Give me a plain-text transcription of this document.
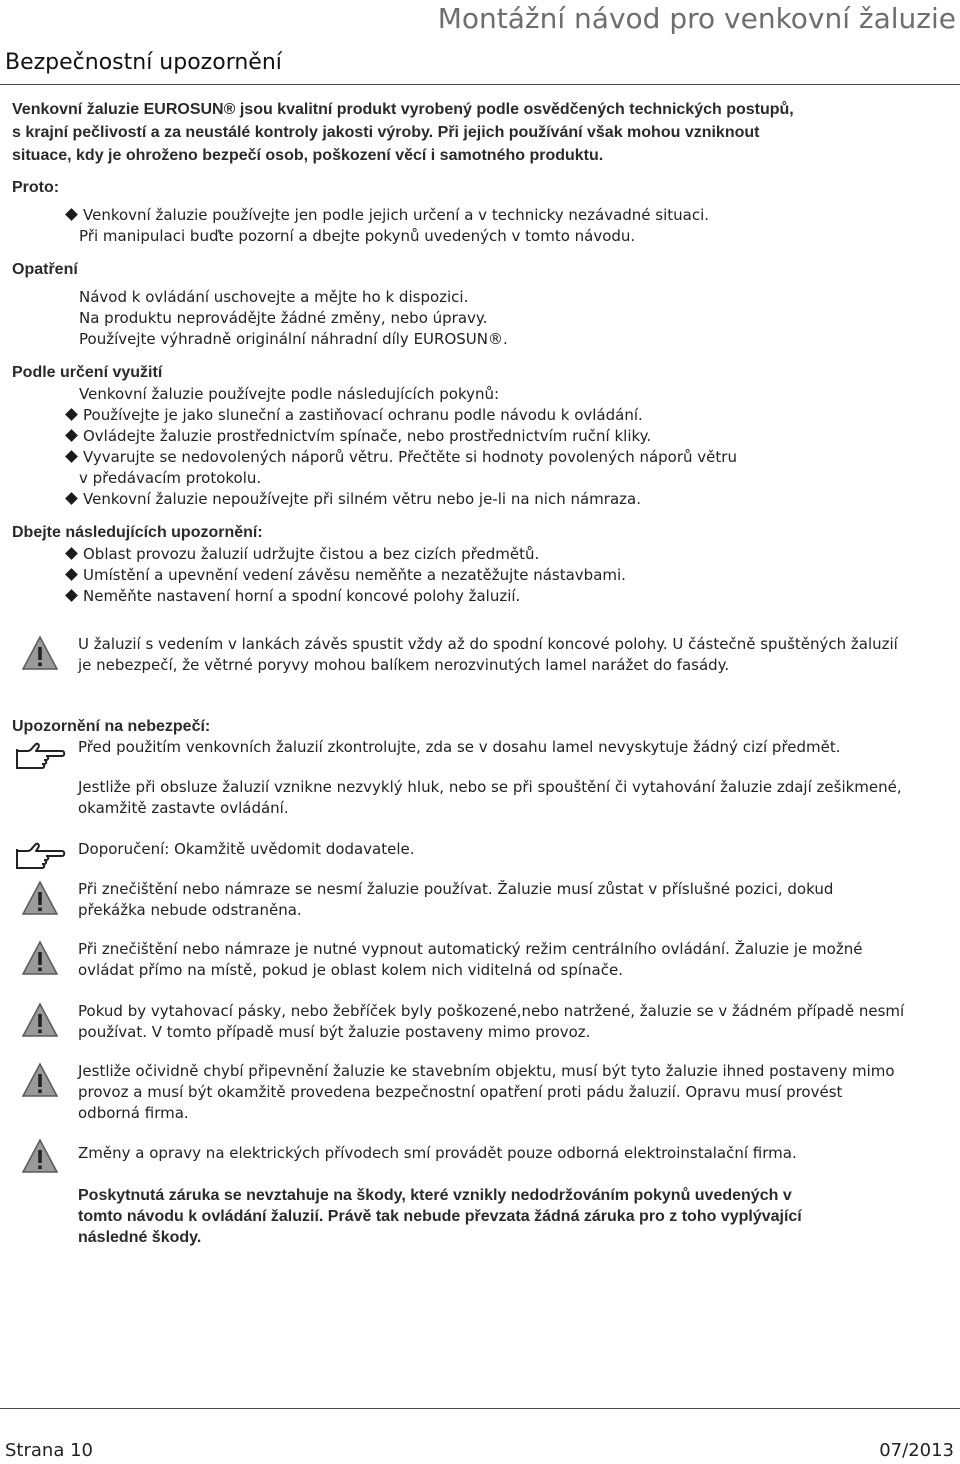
Montážní návod pro venkovní žaluzie
Bezpečnostní upozornění

Venkovní žaluzie EUROSUN® jsou kvalitní produkt vyrobený podle osvědčených technických postupů,
s krajní pečlivostí a za neustálé kontroly jakosti výroby. Při jejich používání však mohou vzniknout
situace, kdy je ohroženo bezpečí osob, poškození věcí i samotného produktu.

Proto:
Venkovní žaluzie používejte jen podle jejich určení a v technicky nezávadné situaci.
Při manipulaci buďte pozorní a dbejte pokynů uvedených v tomto návodu.
Opatření
Návod k ovládání uschovejte a mějte ho k dispozici.
Na produktu neprovádějte žádné změny, nebo úpravy.
Používejte výhradně originální náhradní díly EUROSUN®.
Podle určení využití
Venkovní žaluzie používejte podle následujících pokynů:
Používejte je jako sluneční a zastiňovací ochranu podle návodu k ovládání.
Ovládejte žaluzie prostřednictvím spínače, nebo prostřednictvím ruční kliky.
Vyvarujte se nedovolených náporů větru. Přečtěte si hodnoty povolených náporů větru
v předávacím protokolu.
Venkovní žaluzie nepoužívejte při silném větru nebo je-li na nich námraza.
Dbejte následujících upozornění:
Oblast provozu žaluzií udržujte čistou a bez cizích předmětů.
Umístění a upevnění vedení závěsu neměňte a nezatěžujte nástavbami.
Neměňte nastavení horní a spodní koncové polohy žaluzií.
U žaluzií s vedením v lankách závěs spustit vždy až do spodní koncové polohy. U částečně spuštěných žaluzií
je nebezpečí, že větrné poryvy mohou balíkem nerozvinutých lamel narážet do fasády.
Upozornění na nebezpečí:
Před použitím venkovních žaluzií zkontrolujte, zda se v dosahu lamel nevyskytuje žádný cizí předmět.
Jestliže při obsluze žaluzií vznikne nezvyklý hluk, nebo se při spouštění či vytahování žaluzie zdají zešikmené,
okamžitě zastavte ovládání.
Doporučení: Okamžitě uvědomit dodavatele.
Při znečištění nebo námraze se nesmí žaluzie používat. Žaluzie musí zůstat v příslušné pozici, dokud
překážka nebude odstraněna.
Při znečištění nebo námraze je nutné vypnout automatický režim centrálního ovládání. Žaluzie je možné
ovládat přímo na místě, pokud je oblast kolem nich viditelná od spínače.
Pokud by vytahovací pásky, nebo žebříček byly poškozené,nebo natržené, žaluzie se v žádném případě nesmí
používat. V tomto případě musí být žaluzie postaveny mimo provoz.
Jestliže očividně chybí připevnění žaluzie ke stavebním objektu, musí být tyto žaluzie ihned postaveny mimo
provoz a musí být okamžitě provedena bezpečnostní opatření proti pádu žaluzií. Opravu musí provést
odborná firma.
Změny a opravy na elektrických přívodech smí provádět pouze odborná elektroinstalační firma.
Poskytnutá záruka se nevztahuje na škody, které vznikly nedodržováním pokynů uvedených v
tomto návodu k ovládání žaluzií. Právě tak nebude převzata žádná záruka pro z toho vyplývající
následné škody.
Strana 10	07/2013
